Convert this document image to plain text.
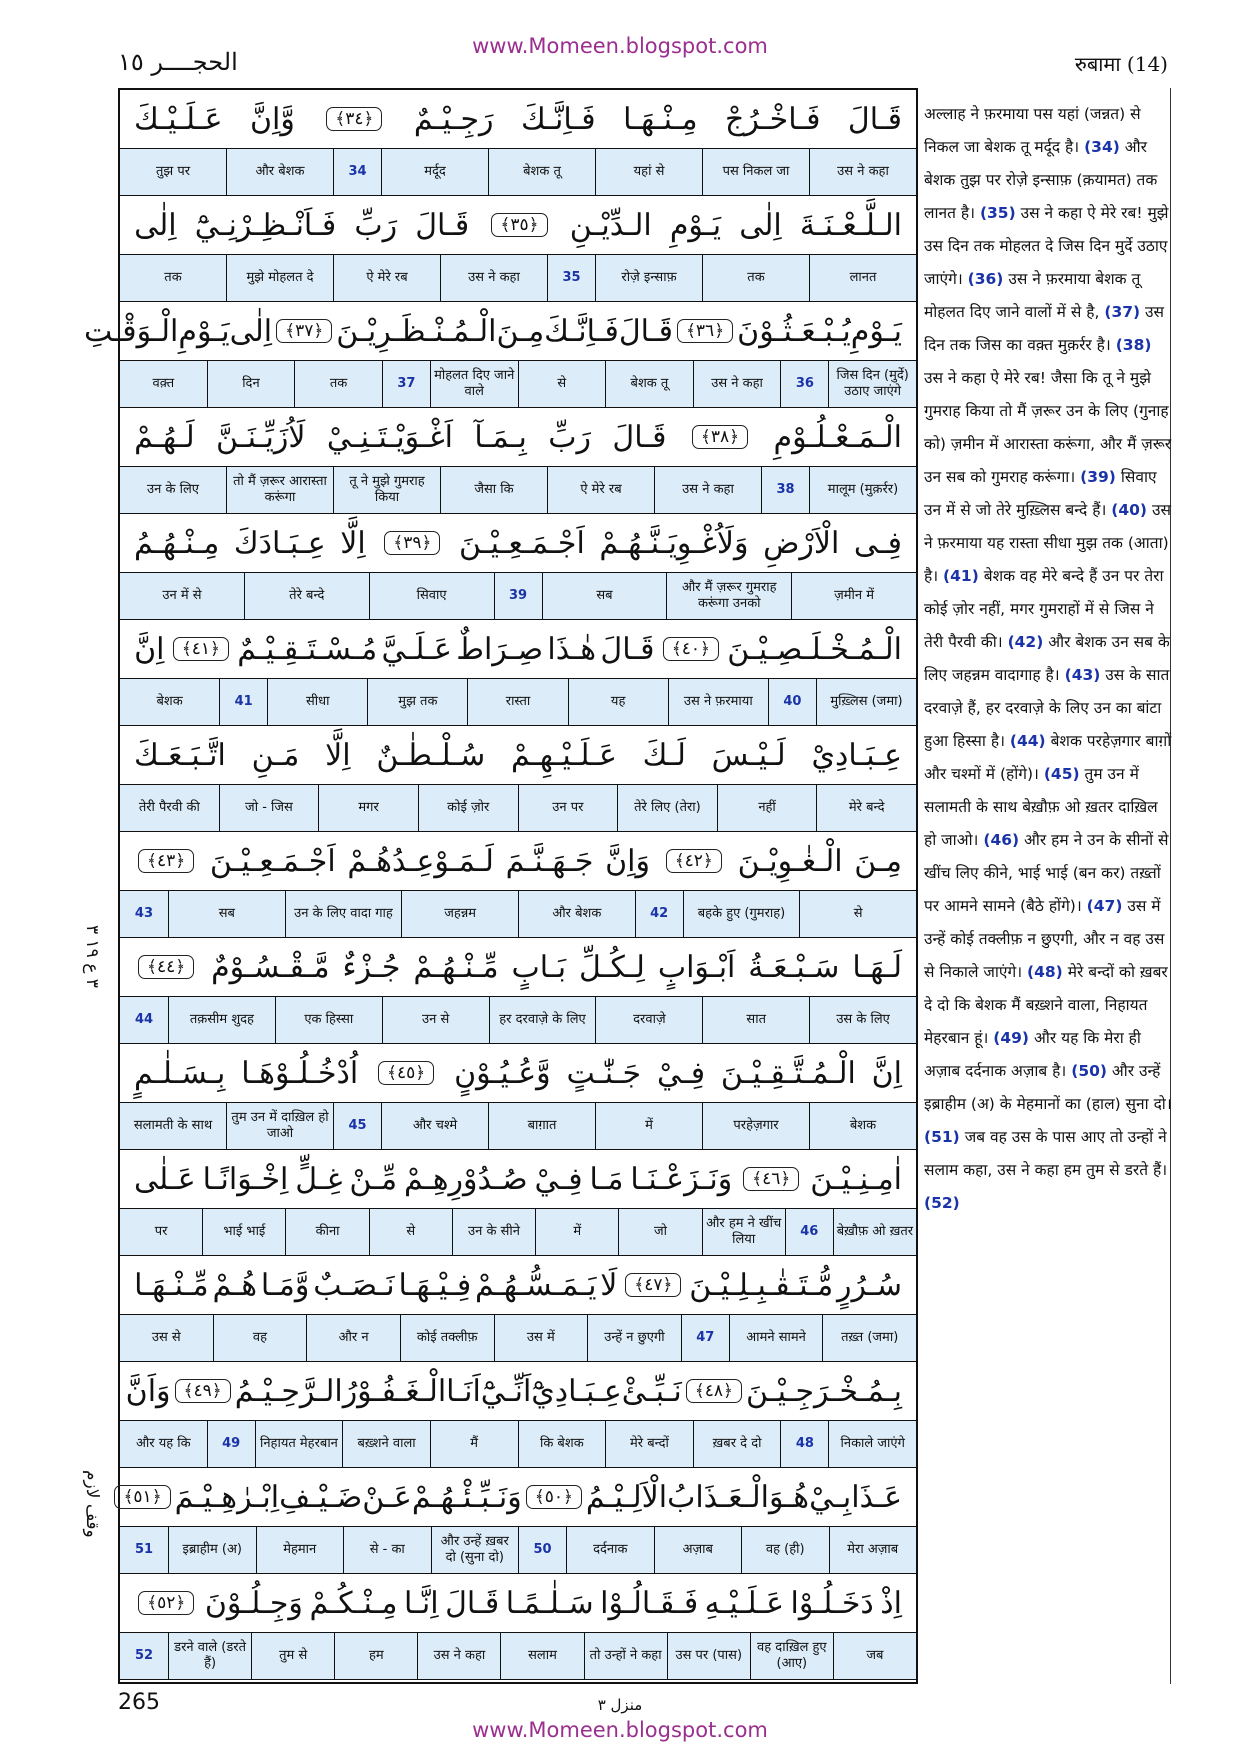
الحجــــر ١٥
www.Momeen.blogspot.com
रुबामा (14)
قَـالَ
فَـاخْـرُجْ
مِـنْـهَـا
فَـاِنَّـكَ
رَجِـيْـمٌ
﴿٣٤﴾
وَّاِنَّ
عَـلَـيْـكَ
उस ने कहा
पस निकल जा
यहां से
बेशक तू
मर्दूद
34
और बेशक
तुझ पर
الـلَّـعْـنَـةَ
اِلٰى
يَـوْمِ
الـدِّيْـنِ
﴿٣٥﴾
قَـالَ
رَبِّ
فَـاَنْـظِـرْنِـيْٓ
اِلٰى
लानत
तक
रोज़े इन्साफ़
35
उस ने कहा
ऐ मेरे रब
मुझे मोहलत दे
तक
يَـوْمِ
يُـبْـعَـثُـوْنَ
﴿٣٦﴾
قَـالَ
فَـاِنَّـكَ
مِـنَ
الْـمُـنْـظَـرِيْـنَ
﴿٣٧﴾
اِلٰى
يَـوْمِ
الْـوَقْـتِ
जिस दिन (मुर्दे) उठाए जाएंगे
36
उस ने कहा
बेशक तू
से
मोहलत दिए जाने वाले
37
तक
दिन
वक़्त
الْـمَـعْـلُـوْمِ
﴿٣٨﴾
قَـالَ
رَبِّ
بِـمَـآ
اَغْـوَيْـتَـنِـيْ
لَاُزَيِّـنَـنَّ
لَـهُـمْ
मालूम (मुक़र्रर)
38
उस ने कहा
ऐ मेरे रब
जैसा कि
तू ने मुझे गुमराह किया
तो मैं ज़रूर आरास्ता करूंगा
उन के लिए
فِـى
الْاَرْضِ
وَلَاُغْـوِيَـنَّـهُـمْ
اَجْـمَـعِـيْـنَ
﴿٣٩﴾
اِلَّا
عِـبَـادَكَ
مِـنْـهُـمُ
ज़मीन में
और मैं ज़रूर गुमराह करूंगा उनको
सब
39
सिवाए
तेरे बन्दे
उन में से
الْـمُـخْـلَـصِـيْـنَ
﴿٤٠﴾
قَـالَ
هٰـذَا
صِـرَاطٌ
عَـلَـيَّ
مُـسْـتَـقِـيْـمٌ
﴿٤١﴾
اِنَّ
मुख़्लिस (जमा)
40
उस ने फ़रमाया
यह
रास्ता
मुझ तक
सीधा
41
बेशक
عِـبَـادِيْ
لَـيْـسَ
لَـكَ
عَـلَـيْـهِـمْ
سُـلْـطٰـنٌ
اِلَّا
مَـنِ
اتَّـبَـعَـكَ
मेरे बन्दे
नहीं
तेरे लिए (तेरा)
उन पर
कोई ज़ोर
मगर
जो - जिस
तेरी पैरवी की
مِـنَ
الْـغٰـوِيْـنَ
﴿٤٢﴾
وَاِنَّ
جَـهَـنَّـمَ
لَـمَـوْعِـدُهُـمْ
اَجْـمَـعِـيْـنَ
﴿٤٣﴾
से
बहके हुए (गुमराह)
42
और बेशक
जहन्नम
उन के लिए वादा गाह
सब
43
لَـهَـا
سَـبْـعَـةُ
اَبْـوَابٍ
لِـكُـلِّ
بَـابٍ
مِّـنْـهُـمْ
جُـزْءٌ
مَّـقْـسُـوْمٌ
﴿٤٤﴾
उस के लिए
सात
दरवाज़े
हर दरवाज़े के लिए
उन से
एक हिस्सा
तक़सीम शुदह
44
اِنَّ
الْـمُـتَّـقِـيْـنَ
فِـيْ
جَـنّٰـتٍ
وَّعُـيُـوْنٍ
﴿٤٥﴾
اُدْخُـلُـوْهَـا
بِـسَـلٰـمٍ
बेशक
परहेज़गार
में
बाग़ात
और चश्मे
45
तुम उन में दाख़िल हो जाओ
सलामती के साथ
اٰمِـنِـيْـنَ
﴿٤٦﴾
وَنَـزَعْـنَـا
مَـا
فِـيْ
صُـدُوْرِهِـمْ
مِّـنْ
غِـلٍّ
اِخْـوَانًـا
عَـلٰى
बेख़ौफ़ ओ ख़तर
46
और हम ने खींच लिया
जो
में
उन के सीने
से
कीना
भाई भाई
पर
سُـرُرٍ
مُّـتَـقٰـبِـلِـيْـنَ
﴿٤٧﴾
لَا
يَـمَـسُّـهُـمْ
فِـيْـهَـا
نَـصَـبٌ
وَّمَـا
هُـمْ
مِّـنْـهَـا
तख़्त (जमा)
आमने सामने
47
उन्हें न छुएगी
उस में
कोई तक्लीफ़
और न
वह
उस से
بِـمُـخْـرَجِـيْـنَ
﴿٤٨﴾
نَـبِّـئْ
عِـبَـادِيْٓ
اَنِّـيْٓ
اَنَـا
الْـغَـفُـوْرُ
الـرَّحِـيْـمُ
﴿٤٩﴾
وَاَنَّ
निकाले जाएंगे
48
ख़बर दे दो
मेरे बन्दों
कि बेशक
मैं
बख़्शने वाला
निहायत मेहरबान
49
और यह कि
عَـذَابِـيْ
هُـوَ
الْـعَـذَابُ
الْاَلِـيْـمُ
﴿٥٠﴾
وَنَـبِّـئْـهُـمْ
عَـنْ
ضَـيْـفِ
اِبْـرٰهِـيْـمَ
﴿٥١﴾
मेरा अज़ाब
वह (ही)
अज़ाब
दर्दनाक
50
और उन्हें ख़बर दो (सुना दो)
से - का
मेहमान
इब्राहीम (अ)
51
اِذْ
دَخَـلُـوْا
عَـلَـيْـهِ
فَـقَـالُـوْا
سَـلٰـمًـا
قَـالَ
اِنَّـا
مِـنْـكُـمْ
وَجِـلُـوْنَ
﴿٥٢﴾
जब
वह दाख़िल हुए (आए)
उस पर (पास)
तो उन्हों ने कहा
सलाम
उस ने कहा
हम
तुम से
डरने वाले (डरते हैं)
52
अल्लाह ने फ़रमाया पस यहां (जन्नत) से निकल जा बेशक तू मर्दूद है। (34) और बेशक तुझ पर रोज़े इन्साफ़ (क़यामत) तक लानत है। (35) उस ने कहा ऐ मेरे रब! मुझे उस दिन तक मोहलत दे जिस दिन मुर्दे उठाए जाएंगे। (36) उस ने फ़रमाया बेशक तू मोहलत दिए जाने वालों में से है, (37) उस दिन तक जिस का वक़्त मुक़र्रर है। (38) उस ने कहा ऐ मेरे रब! जैसा कि तू ने मुझे गुमराह किया तो मैं ज़रूर उन के लिए (गुनाह को) ज़मीन में आरास्ता करूंगा, और मैं ज़रूर उन सब को गुमराह करूंगा। (39) सिवाए उन में से जो तेरे मुख़्लिस बन्दे हैं। (40) उस ने फ़रमाया यह रास्ता सीधा मुझ तक (आता) है। (41) बेशक वह मेरे बन्दे हैं उन पर तेरा कोई ज़ोर नहीं, मगर गुमराहों में से जिस ने तेरी पैरवी की। (42) और बेशक उन सब के लिए जहन्नम वादागाह है। (43) उस के सात दरवाज़े हैं, हर दरवाज़े के लिए उन का बांटा हुआ हिस्सा है। (44) बेशक परहेज़गार बाग़ों और चश्मों में (होंगे)। (45) तुम उन में सलामती के साथ बेख़ौफ़ ओ ख़तर दाख़िल हो जाओ। (46) और हम ने उन के सीनों से खींच लिए कीने, भाई भाई (बन कर) तख़्तों पर आमने सामने (बैठे होंगे)। (47) उस में उन्हें कोई तक्लीफ़ न छुएगी, और न वह उस से निकाले जाएंगे। (48) मेरे बन्दों को ख़बर दे दो कि बेशक मैं बख़्शने वाला, निहायत मेहरबान हूं। (49) और यह कि मेरा ही अज़ाब दर्दनाक अज़ाब है। (50) और उन्हें इब्राहीम (अ) के मेहमानों का (हाल) सुना दो। (51) जब वह उस के पास आए तो उन्हों ने सलाम कहा, उस ने कहा हम तुम से डरते हैं। (52)
٣ ع ١٩ ٣
وقف لازم
265	منزل ٣
www.Momeen.blogspot.com
